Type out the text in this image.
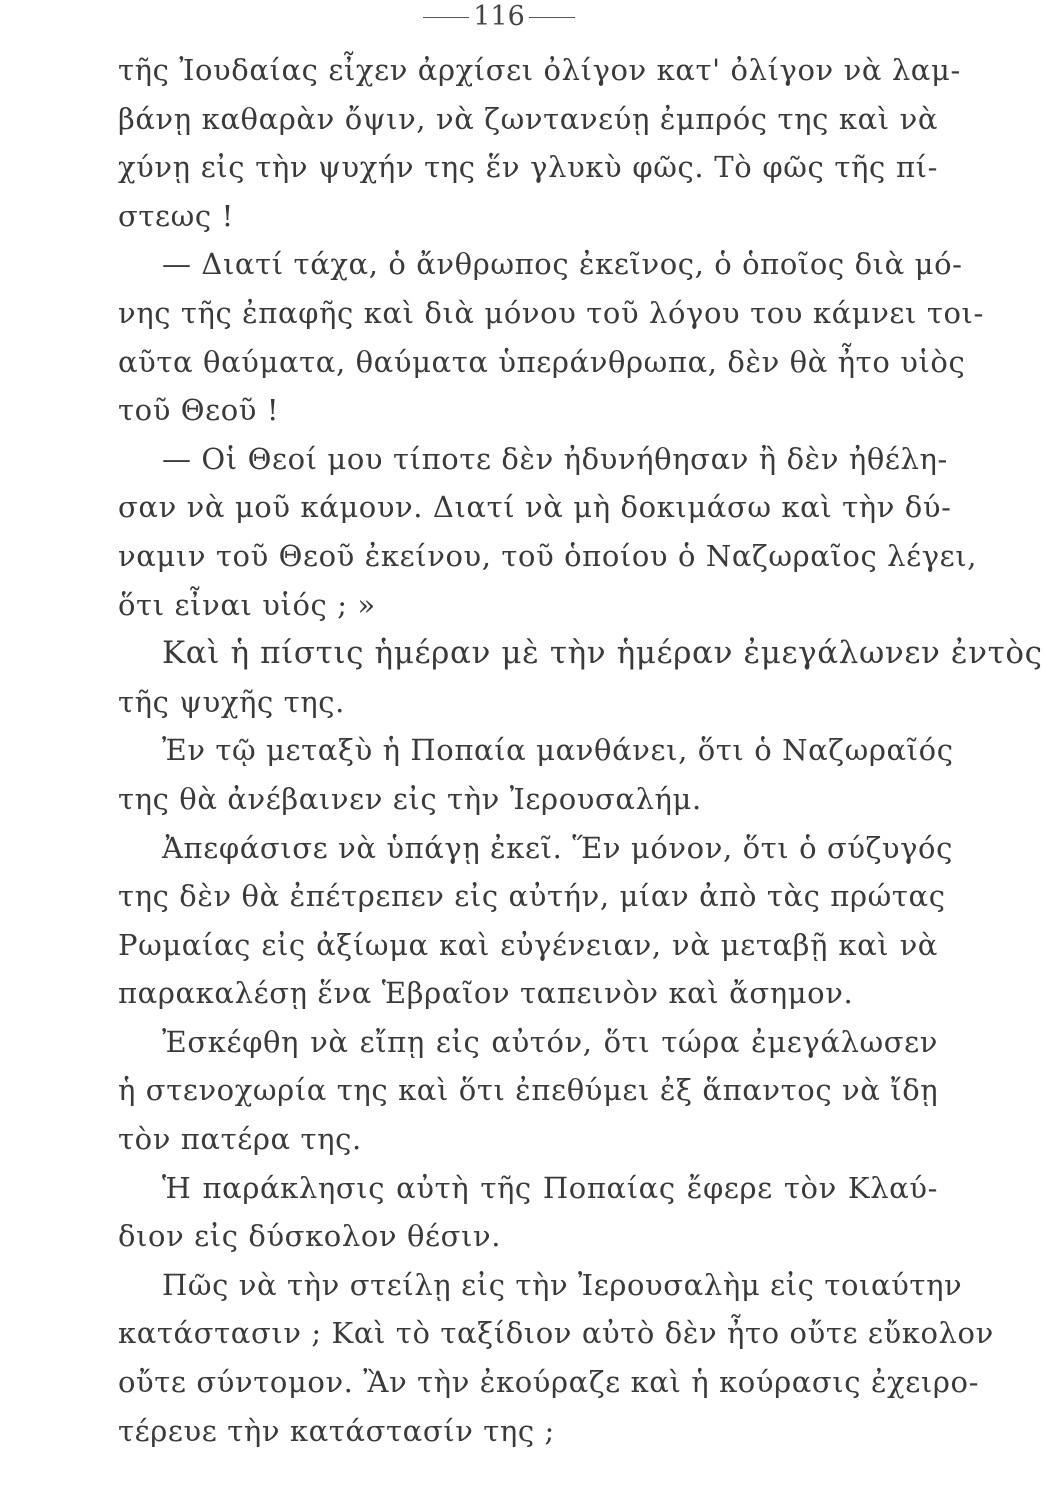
116
τῆς Ἰουδαίας εἶχεν ἀρχίσει ὀλίγον κατ' ὀλίγον νὰ λαμ-
βάνῃ καθαρὰν ὄψιν, νὰ ζωντανεύῃ ἐμπρός της καὶ νὰ
χύνῃ εἰς τὴν ψυχήν της ἕν γλυκὺ φῶς. Τὸ φῶς τῆς πί-
στεως !
— Διατί τάχα, ὁ ἄνθρωπος ἐκεῖνος, ὁ ὁποῖος διὰ μό-
νης τῆς ἐπαφῆς καὶ διὰ μόνου τοῦ λόγου του κάμνει τοι-
αῦτα θαύματα, θαύματα ὑπεράνθρωπα, δὲν θὰ ἦτο υἱὸς
τοῦ Θεοῦ !
— Οἱ Θεοί μου τίποτε δὲν ἠδυνήθησαν ἢ δὲν ἠθέλη-
σαν νὰ μοῦ κάμουν. Διατί νὰ μὴ δοκιμάσω καὶ τὴν δύ-
ναμιν τοῦ Θεοῦ ἐκείνου, τοῦ ὁποίου ὁ Ναζωραῖος λέγει,
ὅτι εἶναι υἱός ; »
Καὶ ἡ πίστις ἡμέραν μὲ τὴν ἡμέραν ἐμεγάλωνεν ἐντὸς
τῆς ψυχῆς της.
Ἐν τῷ μεταξὺ ἡ Ποπαία μανθάνει, ὅτι ὁ Ναζωραῖός
της θὰ ἀνέβαινεν εἰς τὴν Ἰερουσαλήμ.
Ἀπεφάσισε νὰ ὑπάγῃ ἐκεῖ. Ἕν μόνον, ὅτι ὁ σύζυγός
της δὲν θὰ ἐπέτρεπεν εἰς αὐτήν, μίαν ἀπὸ τὰς πρώτας
Ρωμαίας εἰς ἀξίωμα καὶ εὐγένειαν, νὰ μεταβῇ καὶ νὰ
παρακαλέσῃ ἕνα Ἑβραῖον ταπεινὸν καὶ ἄσημον.
Ἐσκέφθη νὰ εἴπῃ εἰς αὐτόν, ὅτι τώρα ἐμεγάλωσεν
ἡ στενοχωρία της καὶ ὅτι ἐπεθύμει ἐξ ἅπαντος νὰ ἴδῃ
τὸν πατέρα της.
Ἡ παράκλησις αὐτὴ τῆς Ποπαίας ἔφερε τὸν Κλαύ-
διον εἰς δύσκολον θέσιν.
Πῶς νὰ τὴν στείλῃ εἰς τὴν Ἰερουσαλὴμ εἰς τοιαύτην
κατάστασιν ; Καὶ τὸ ταξίδιον αὐτὸ δὲν ἦτο οὔτε εὔκολον
οὔτε σύντομον. Ἂν τὴν ἐκούραζε καὶ ἡ κούρασις ἐχειρο-
τέρευε τὴν κατάστασίν της ;
